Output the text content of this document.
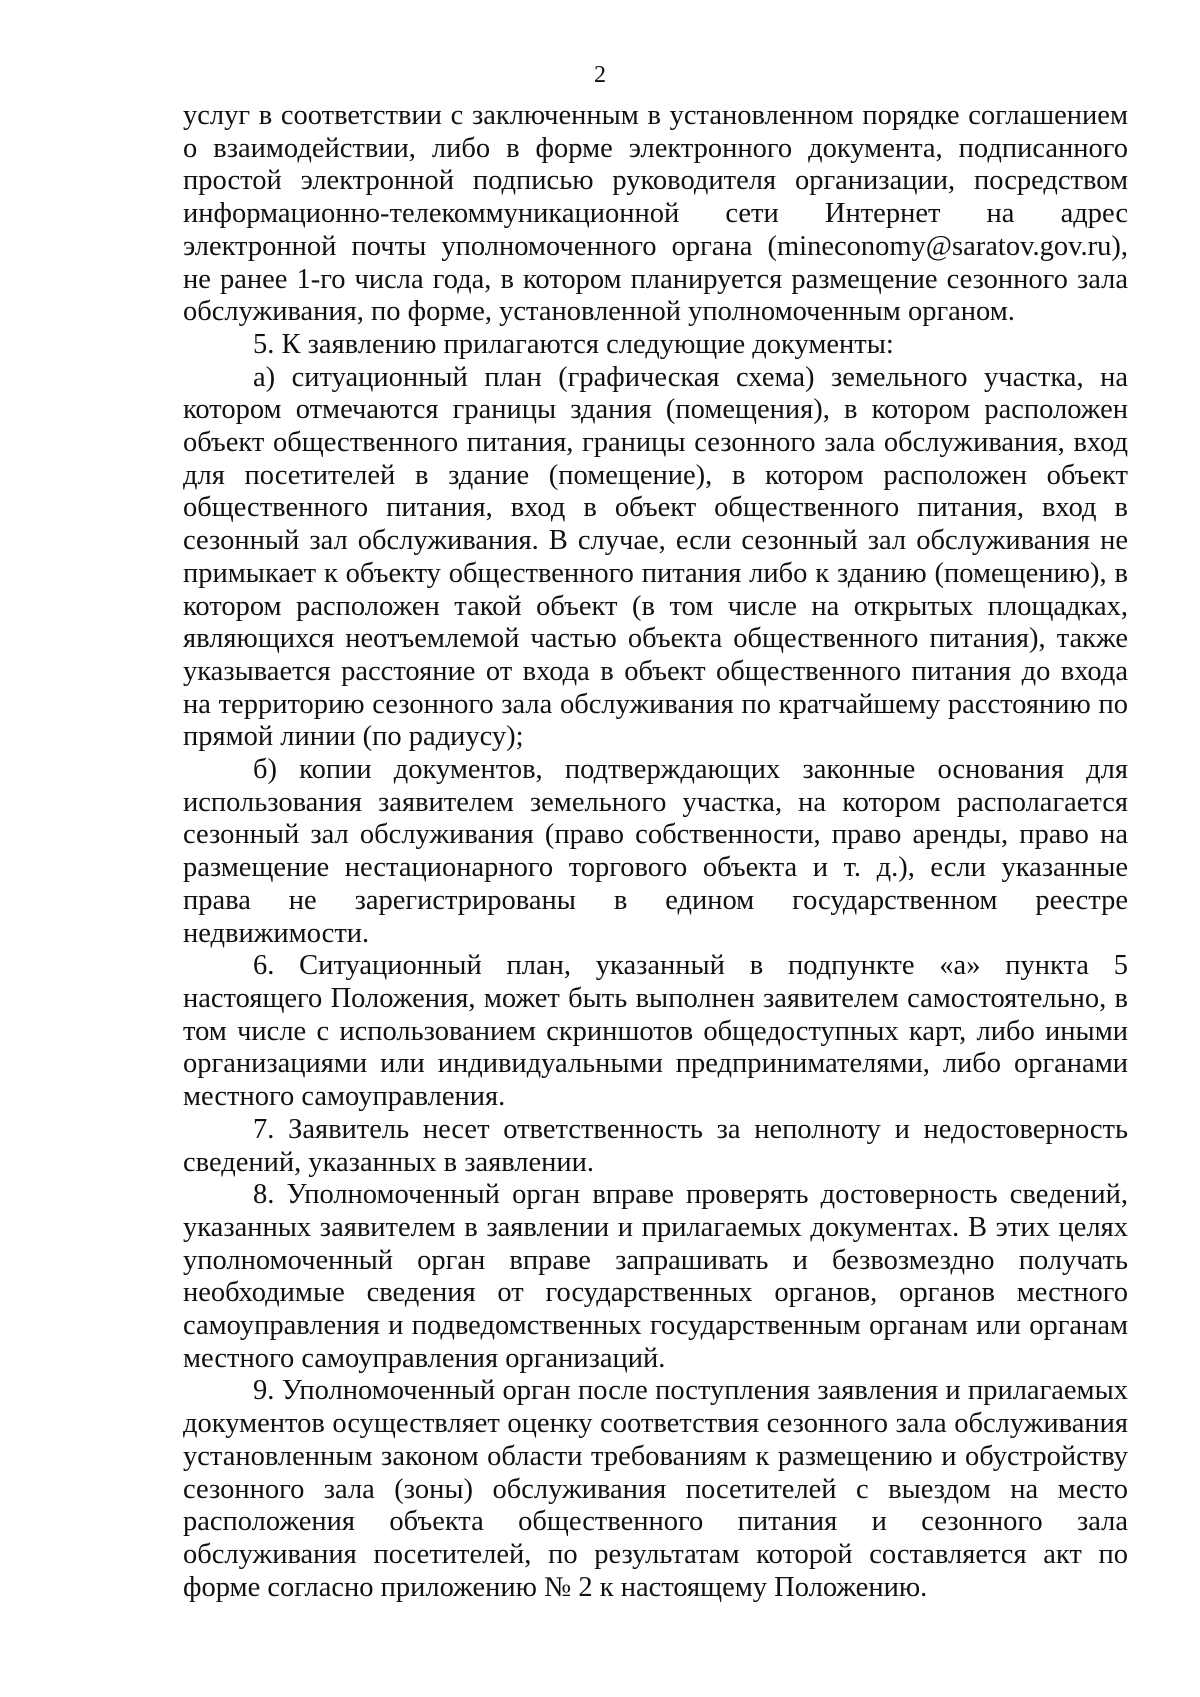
2

услуг в соответствии с заключенным в установленном порядке соглашением о взаимодействии, либо в форме электронного документа, подписанного простой электронной подписью руководителя организации, посредством информационно-телекоммуникационной сети Интернет на адрес электронной почты уполномоченного органа (mineconomy@saratov.gov.ru), не ранее 1-го числа года, в котором планируется размещение сезонного зала обслуживания, по форме, установленной уполномоченным органом.

5. К заявлению прилагаются следующие документы:

а) ситуационный план (графическая схема) земельного участка, на котором отмечаются границы здания (помещения), в котором расположен объект общественного питания, границы сезонного зала обслуживания, вход для посетителей в здание (помещение), в котором расположен объект общественного питания, вход в объект общественного питания, вход в сезонный зал обслуживания. В случае, если сезонный зал обслуживания не примыкает к объекту общественного питания либо к зданию (помещению), в котором расположен такой объект (в том числе на открытых площадках, являющихся неотъемлемой частью объекта общественного питания), также указывается расстояние от входа в объект общественного питания до входа на территорию сезонного зала обслуживания по кратчайшему расстоянию по прямой линии (по радиусу);

б) копии документов, подтверждающих законные основания для использования заявителем земельного участка, на котором располагается сезонный зал обслуживания (право собственности, право аренды, право на размещение нестационарного торгового объекта и т. д.), если указанные права не зарегистрированы в едином государственном реестре недвижимости.

6. Ситуационный план, указанный в подпункте «а» пункта 5 настоящего Положения, может быть выполнен заявителем самостоятельно, в том числе с использованием скриншотов общедоступных карт, либо иными организациями или индивидуальными предпринимателями, либо органами местного самоуправления.

7. Заявитель несет ответственность за неполноту и недостоверность сведений, указанных в заявлении.

8. Уполномоченный орган вправе проверять достоверность сведений, указанных заявителем в заявлении и прилагаемых документах. В этих целях уполномоченный орган вправе запрашивать и безвозмездно получать необходимые сведения от государственных органов, органов местного самоуправления и подведомственных государственным органам или органам местного самоуправления организаций.

9. Уполномоченный орган после поступления заявления и прилагаемых документов осуществляет оценку соответствия сезонного зала обслуживания установленным законом области требованиям к размещению и обустройству сезонного зала (зоны) обслуживания посетителей с выездом на место расположения объекта общественного питания и сезонного зала обслуживания посетителей, по результатам которой составляется акт по форме согласно приложению № 2 к настоящему Положению.
